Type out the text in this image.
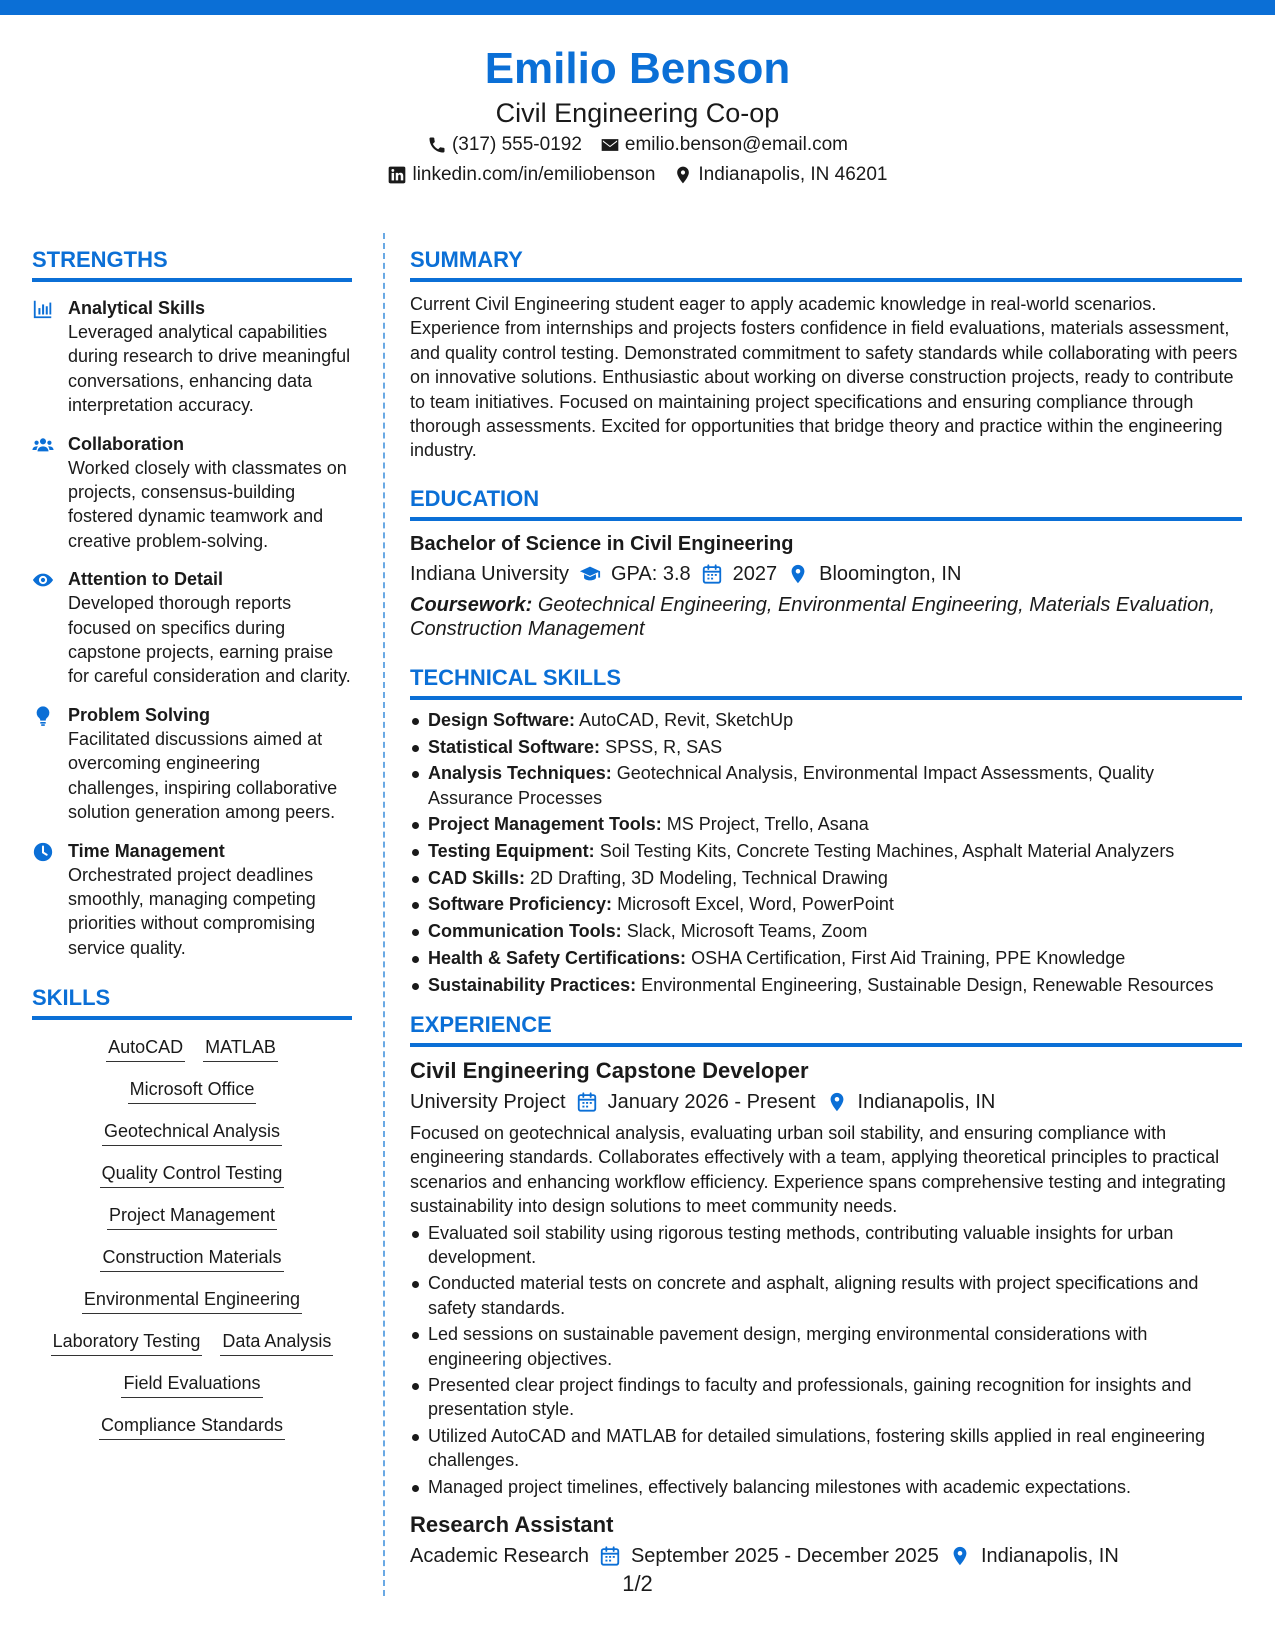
Emilio Benson
Civil Engineering Co-op
(317) 555-0192 emilio.benson@email.com
linkedin.com/in/emiliobenson Indianapolis, IN 46201
STRENGTHS
Analytical Skills
Leveraged analytical capabilities during research to drive meaningful conversations, enhancing data interpretation accuracy.
Collaboration
Worked closely with classmates on projects, consensus-building fostered dynamic teamwork and creative problem-solving.
Attention to Detail
Developed thorough reports focused on specifics during capstone projects, earning praise for careful consideration and clarity.
Problem Solving
Facilitated discussions aimed at overcoming engineering challenges, inspiring collaborative solution generation among peers.
Time Management
Orchestrated project deadlines smoothly, managing competing priorities without compromising service quality.
SKILLS
AutoCAD MATLAB
Microsoft Office
Geotechnical Analysis
Quality Control Testing
Project Management
Construction Materials
Environmental Engineering
Laboratory Testing Data Analysis
Field Evaluations
Compliance Standards
SUMMARY
Current Civil Engineering student eager to apply academic knowledge in real-world scenarios. Experience from internships and projects fosters confidence in field evaluations, materials assessment, and quality control testing. Demonstrated commitment to safety standards while collaborating with peers on innovative solutions. Enthusiastic about working on diverse construction projects, ready to contribute to team initiatives. Focused on maintaining project specifications and ensuring compliance through thorough assessments. Excited for opportunities that bridge theory and practice within the engineering industry.
EDUCATION
Bachelor of Science in Civil Engineering
Indiana University GPA: 3.8 2027 Bloomington, IN
Coursework: Geotechnical Engineering, Environmental Engineering, Materials Evaluation, Construction Management
TECHNICAL SKILLS
Design Software: AutoCAD, Revit, SketchUp
Statistical Software: SPSS, R, SAS
Analysis Techniques: Geotechnical Analysis, Environmental Impact Assessments, Quality Assurance Processes
Project Management Tools: MS Project, Trello, Asana
Testing Equipment: Soil Testing Kits, Concrete Testing Machines, Asphalt Material Analyzers
CAD Skills: 2D Drafting, 3D Modeling, Technical Drawing
Software Proficiency: Microsoft Excel, Word, PowerPoint
Communication Tools: Slack, Microsoft Teams, Zoom
Health & Safety Certifications: OSHA Certification, First Aid Training, PPE Knowledge
Sustainability Practices: Environmental Engineering, Sustainable Design, Renewable Resources
EXPERIENCE
Civil Engineering Capstone Developer
University Project January 2026 - Present Indianapolis, IN
Focused on geotechnical analysis, evaluating urban soil stability, and ensuring compliance with engineering standards. Collaborates effectively with a team, applying theoretical principles to practical scenarios and enhancing workflow efficiency. Experience spans comprehensive testing and integrating sustainability into design solutions to meet community needs.
Evaluated soil stability using rigorous testing methods, contributing valuable insights for urban development.
Conducted material tests on concrete and asphalt, aligning results with project specifications and safety standards.
Led sessions on sustainable pavement design, merging environmental considerations with engineering objectives.
Presented clear project findings to faculty and professionals, gaining recognition for insights and presentation style.
Utilized AutoCAD and MATLAB for detailed simulations, fostering skills applied in real engineering challenges.
Managed project timelines, effectively balancing milestones with academic expectations.
Research Assistant
Academic Research September 2025 - December 2025 Indianapolis, IN
1/2
